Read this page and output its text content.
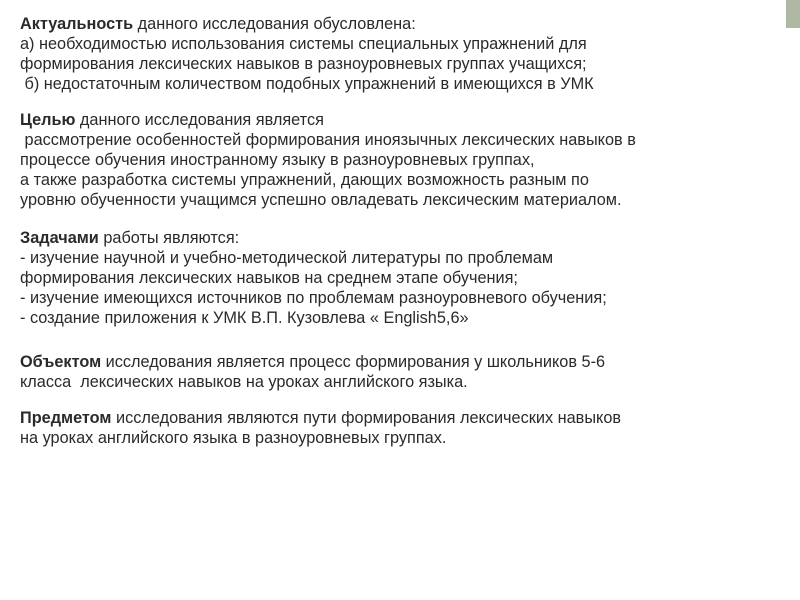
Актуальность данного исследования обусловлена:
а) необходимостью использования системы специальных упражнений для
формирования лексических навыков в разноуровневых группах учащихся;
б) недостаточным количеством подобных упражнений в имеющихся в УМК
Целью данного исследования является
рассмотрение особенностей формирования иноязычных лексических навыков в
процессе обучения иностранному языку в разноуровневых группах,
а также разработка системы упражнений, дающих возможность разным по
уровню обученности учащимся успешно овладевать лексическим материалом.
Задачами работы являются:
- изучение научной и учебно-методической литературы по проблемам
формирования лексических навыков на среднем этапе обучения;
- изучение имеющихся источников по проблемам разноуровневого обучения;
- создание приложения к УМК В.П. Кузовлева « English5,6»
Объектом исследования является процесс формирования у школьников 5-6
класса  лексических навыков на уроках английского языка.
Предметом исследования являются пути формирования лексических навыков
на уроках английского языка в разноуровневых группах.
